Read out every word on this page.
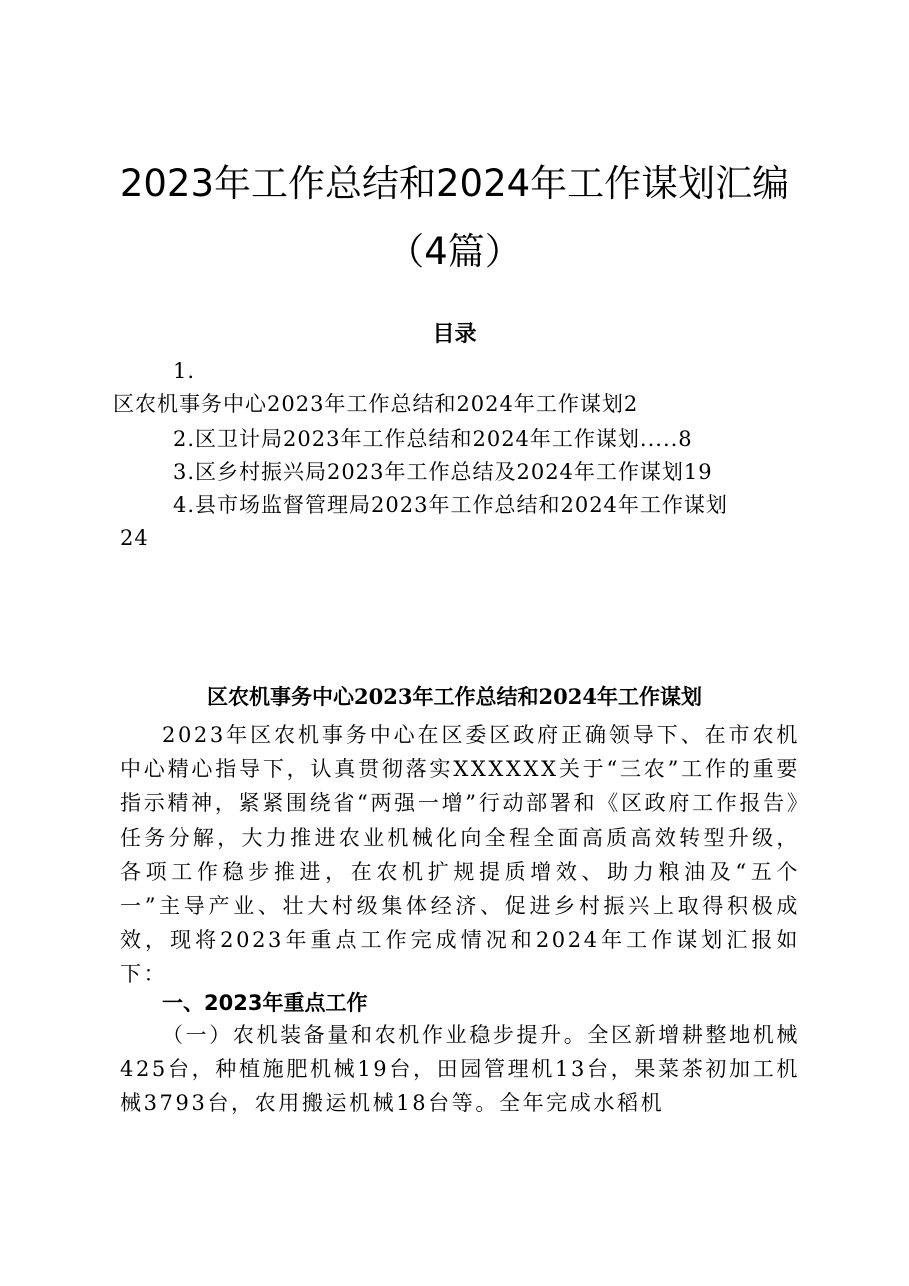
2023年工作总结和2024年工作谋划汇编（4篇）
目录
1.
区农机事务中心2023年工作总结和2024年工作谋划2
2.区卫计局2023年工作总结和2024年工作谋划.....8
3.区乡村振兴局2023年工作总结及2024年工作谋划19
4.县市场监督管理局2023年工作总结和2024年工作谋划
24
区农机事务中心2023年工作总结和2024年工作谋划

2023年区农机事务中心在区委区政府正确领导下、在市农机中心精心指导下，认真贯彻落实XXXXXX关于“三农”工作的重要指示精神，紧紧围绕省“两强一增”行动部署和《区政府工作报告》任务分解，大力推进农业机械化向全程全面高质高效转型升级，各项工作稳步推进，在农机扩规提质增效、助力粮油及“五个一”主导产业、壮大村级集体经济、促进乡村振兴上取得积极成效，现将2023年重点工作完成情况和2024年工作谋划汇报如下：

一、2023年重点工作

（一）农机装备量和农机作业稳步提升。全区新增耕整地机械425台，种植施肥机械19台，田园管理机13台，果菜茶初加工机械3793台，农用搬运机械18台等。全年完成水稻机
